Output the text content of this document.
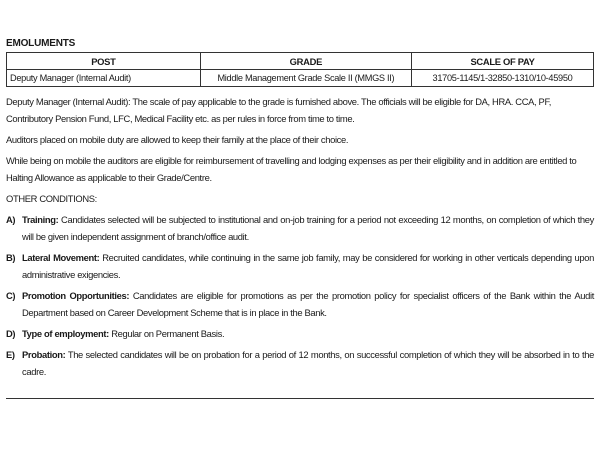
EMOLUMENTS
POST	GRADE	SCALE OF PAY
Deputy Manager (Internal Audit)	Middle Management Grade Scale II (MMGS II)	31705-1145/1-32850-1310/10-45950

Deputy Manager (Internal Audit): The scale of pay applicable to the grade is furnished above. The officials will be eligible for DA, HRA. CCA, PF, Contributory Pension Fund, LFC, Medical Facility etc. as per rules in force from time to time.

Auditors placed on mobile duty are allowed to keep their family at the place of their choice.

While being on mobile the auditors are eligible for reimbursement of travelling and lodging expenses as per their eligibility and in addition are entitled to Halting Allowance as applicable to their Grade/Centre.

OTHER CONDITIONS:

A) Training: Candidates selected will be subjected to institutional and on-job training for a period not exceeding 12 months, on completion of which they will be given independent assignment of branch/office audit.
B) Lateral Movement: Recruited candidates, while continuing in the same job family, may be considered for working in other verticals depending upon administrative exigencies.
C) Promotion Opportunities: Candidates are eligible for promotions as per the promotion policy for specialist officers of the Bank within the Audit Department based on Career Development Scheme that is in place in the Bank.
D) Type of employment: Regular on Permanent Basis.
E) Probation: The selected candidates will be on probation for a period of 12 months, on successful completion of which they will be absorbed in to the cadre.
